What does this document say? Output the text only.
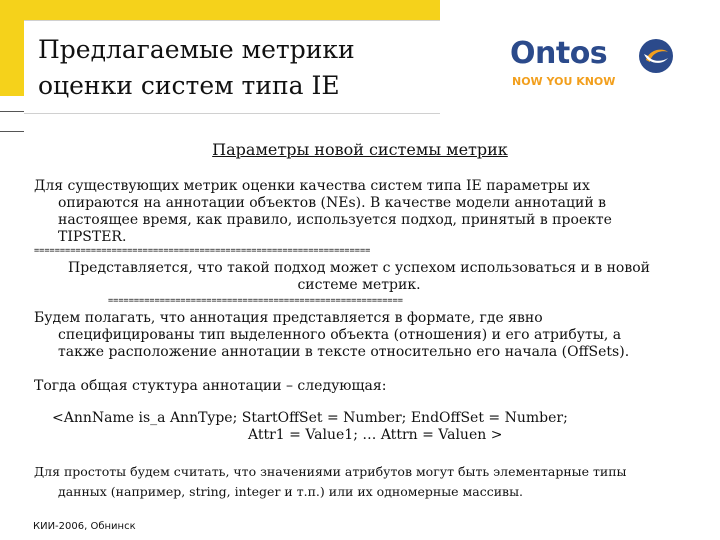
Предлагаемые метрики
оценки систем типа IE
Ontos
NOW YOU KNOW
Параметры новой системы метрик
Для существующих метрик оценки качества систем типа IE параметры их
опираются на аннотации объектов (NEs). В качестве модели аннотаций в
настоящее время, как правило, используется подход, принятый в проекте
TIPSTER.
=================================================================
Представляется, что такой подход может с успехом использоваться и в новой
системе метрик.
=========================================================
Будем полагать, что аннотация представляется в формате, где явно
специфицированы тип выделенного объекта (отношения) и его атрибуты, а
также расположение аннотации в тексте относительно его начала (OffSets).
Тогда общая стуктура аннотации – следующая:
<AnnName is_a AnnType; StartOffSet = Number; EndOffSet = Number;
Attr1 = Value1; … Attrn = Valuen >
Для простоты будем считать, что значениями атрибутов могут быть элементарные типы
данных (например, string, integer и т.п.) или их одномерные массивы.
КИИ-2006, Обнинск
